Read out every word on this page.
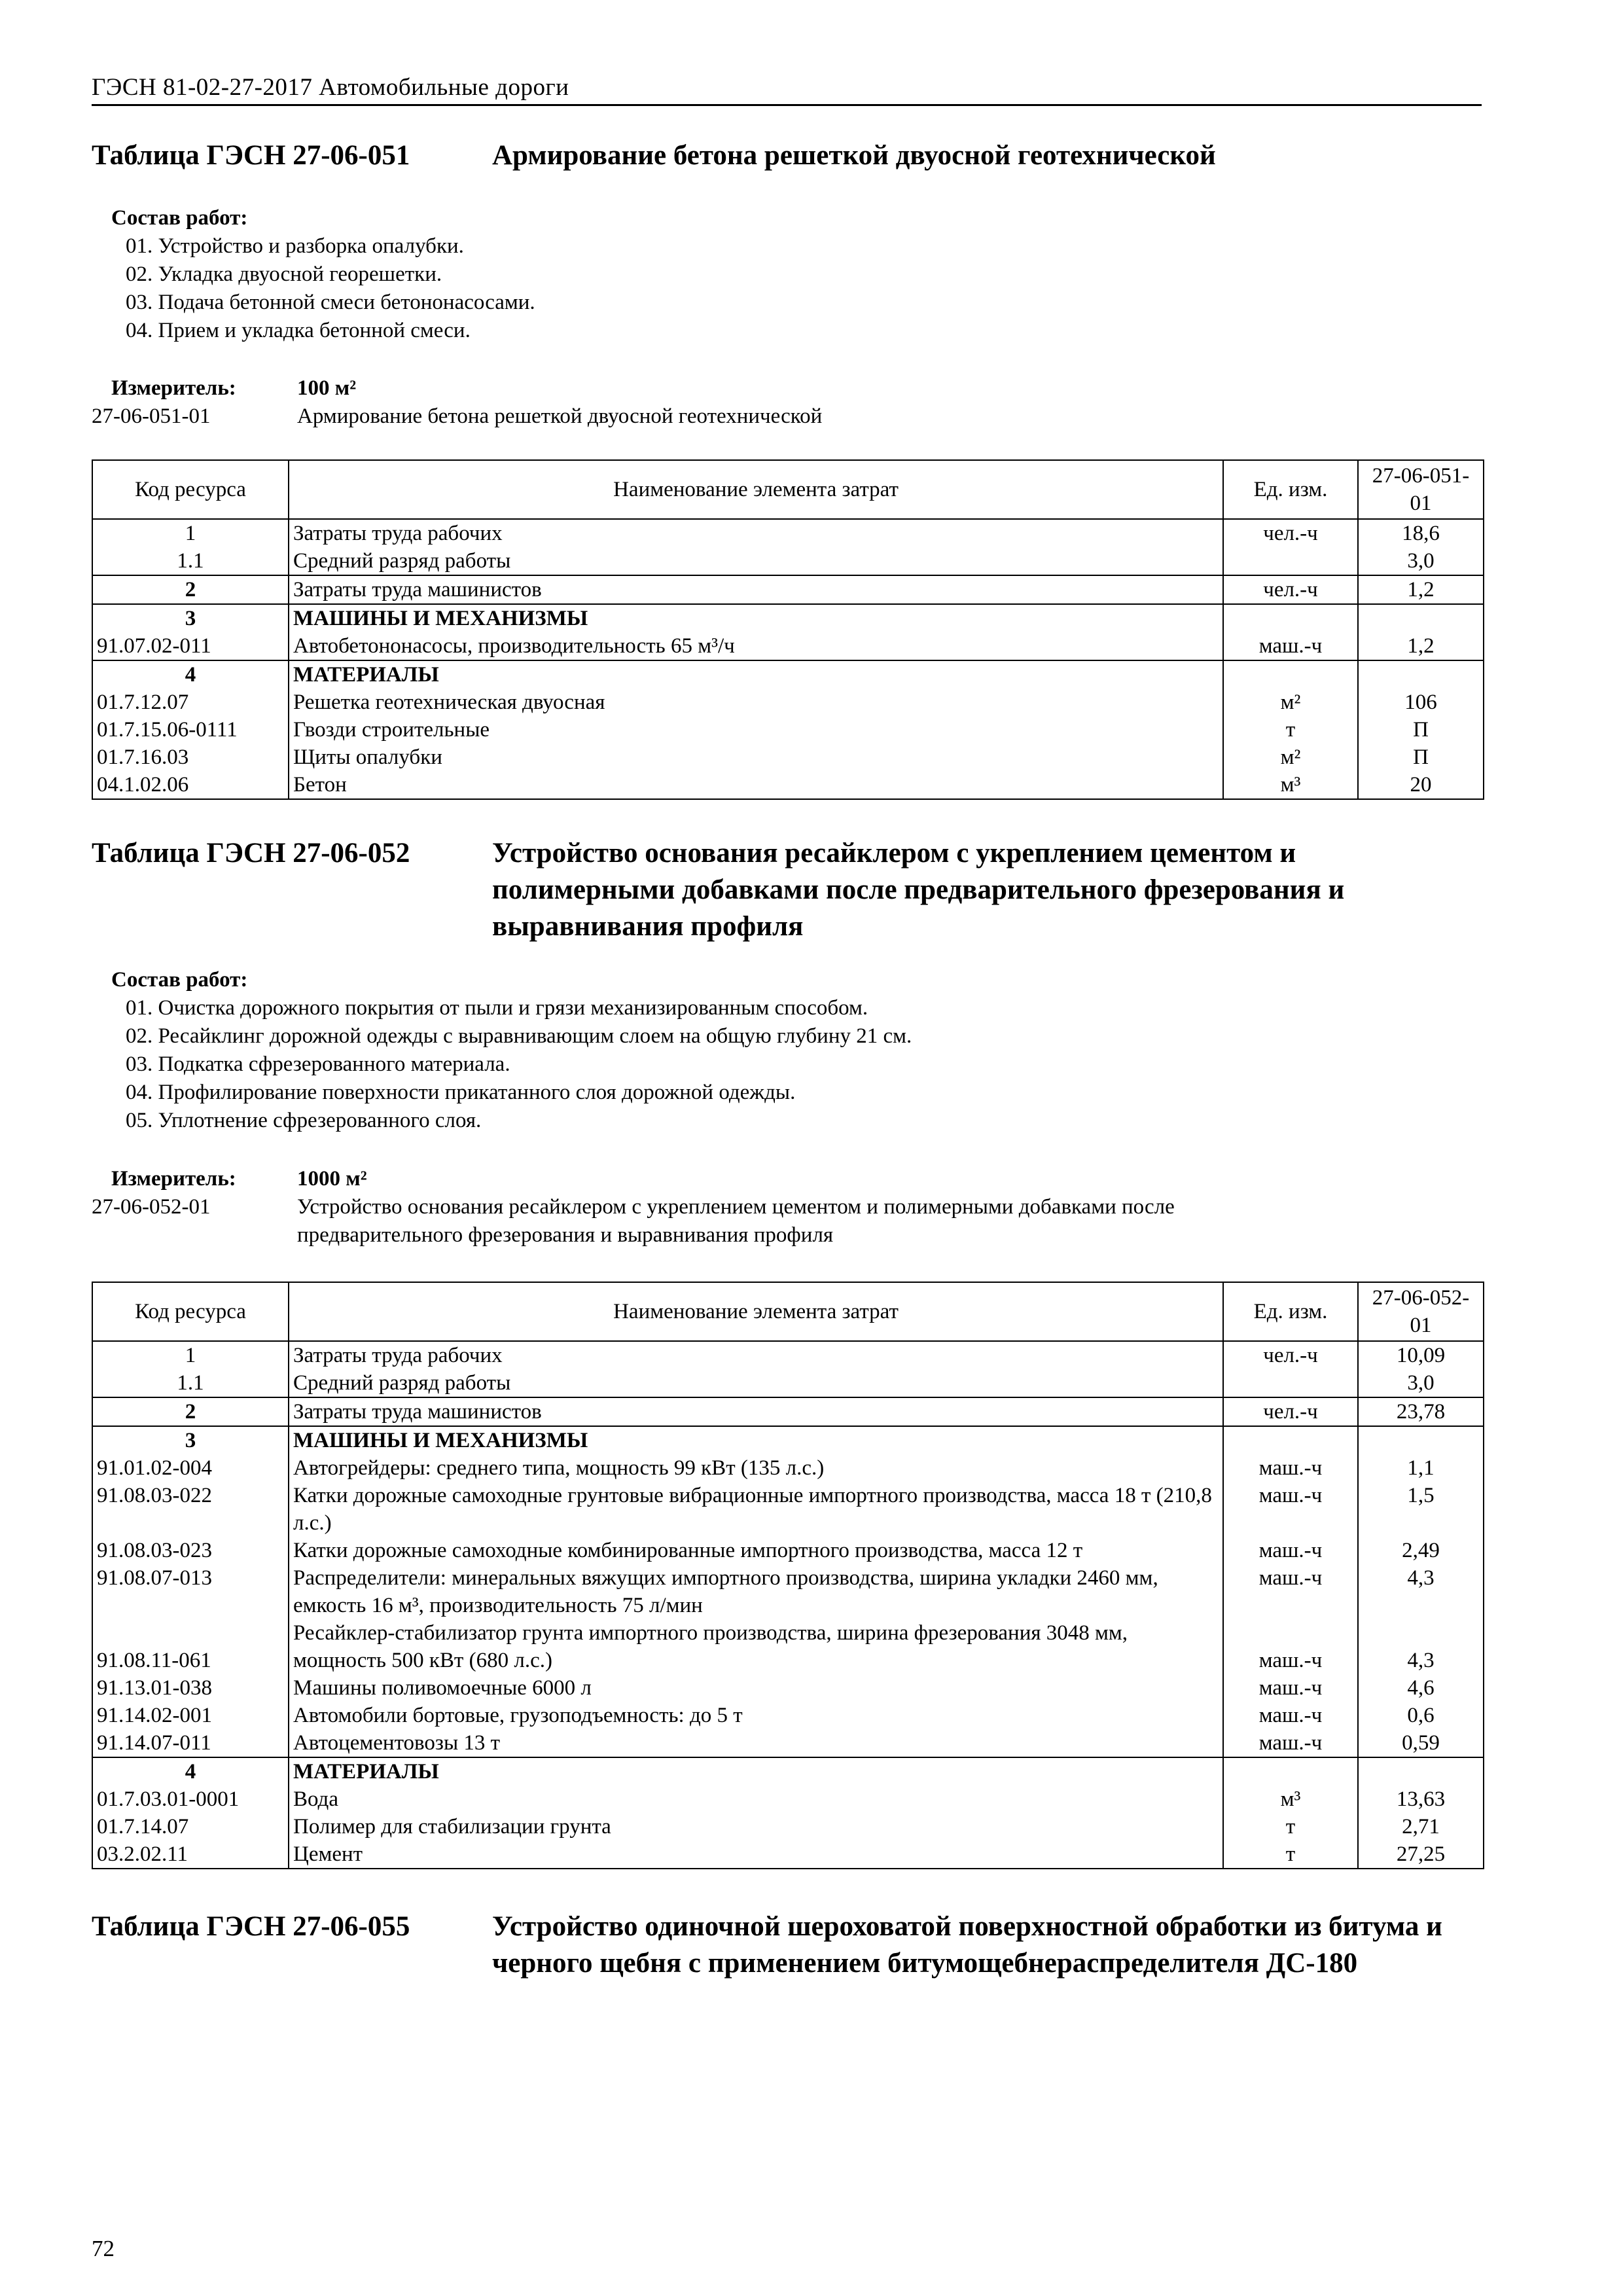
ГЭСН 81-02-27-2017 Автомобильные дороги
Таблица ГЭСН 27-06-051	Армирование бетона решеткой двуосной геотехнической
Состав работ:
01. Устройство и разборка опалубки.
02. Укладка двуосной георешетки.
03. Подача бетонной смеси бетононасосами.
04. Прием и укладка бетонной смеси.
Измеритель:	100 м²
27-06-051-01	Армирование бетона решеткой двуосной геотехнической
Код ресурса	Наименование элемента затрат	Ед. изм.	27-06-051-01
1	Затраты труда рабочих	чел.-ч	18,6
1.1	Средний разряд работы		3,0
2	Затраты труда машинистов	чел.-ч	1,2
3	МАШИНЫ И МЕХАНИЗМЫ		
91.07.02-011	Автобетононасосы, производительность 65 м³/ч	маш.-ч	1,2
4	МАТЕРИАЛЫ		
01.7.12.07	Решетка геотехническая двуосная	м²	106
01.7.15.06-0111	Гвозди строительные	т	П
01.7.16.03	Щиты опалубки	м²	П
04.1.02.06	Бетон	м³	20
Таблица ГЭСН 27-06-052	Устройство основания ресайклером с укреплением цементом и полимерными добавками после предварительного фрезерования и выравнивания профиля
Состав работ:
01. Очистка дорожного покрытия от пыли и грязи механизированным способом.
02. Ресайклинг дорожной одежды с выравнивающим слоем на общую глубину 21 см.
03. Подкатка сфрезерованного материала.
04. Профилирование поверхности прикатанного слоя дорожной одежды.
05. Уплотнение сфрезерованного слоя.
Измеритель:	1000 м²
27-06-052-01	Устройство основания ресайклером с укреплением цементом и полимерными добавками после предварительного фрезерования и выравнивания профиля
Код ресурса	Наименование элемента затрат	Ед. изм.	27-06-052-01
1	Затраты труда рабочих	чел.-ч	10,09
1.1	Средний разряд работы		3,0
2	Затраты труда машинистов	чел.-ч	23,78
3	МАШИНЫ И МЕХАНИЗМЫ		
91.01.02-004	Автогрейдеры: среднего типа, мощность 99 кВт (135 л.с.)	маш.-ч	1,1
91.08.03-022	Катки дорожные самоходные грунтовые вибрационные импортного производства, масса 18 т (210,8 л.с.)	маш.-ч	1,5
91.08.03-023	Катки дорожные самоходные комбинированные импортного производства, масса 12 т	маш.-ч	2,49
91.08.07-013	Распределители: минеральных вяжущих импортного производства, ширина укладки 2460 мм, емкость 16 м³, производительность 75 л/мин	маш.-ч	4,3
91.08.11-061	Ресайклер-стабилизатор грунта импортного производства, ширина фрезерования 3048 мм, мощность 500 кВт (680 л.с.)	маш.-ч	4,3
91.13.01-038	Машины поливомоечные 6000 л	маш.-ч	4,6
91.14.02-001	Автомобили бортовые, грузоподъемность: до 5 т	маш.-ч	0,6
91.14.07-011	Автоцементовозы 13 т	маш.-ч	0,59
4	МАТЕРИАЛЫ		
01.7.03.01-0001	Вода	м³	13,63
01.7.14.07	Полимер для стабилизации грунта	т	2,71
03.2.02.11	Цемент	т	27,25
Таблица ГЭСН 27-06-055	Устройство одиночной шероховатой поверхностной обработки из битума и черного щебня с применением битумощебнераспределителя ДС-180
72
